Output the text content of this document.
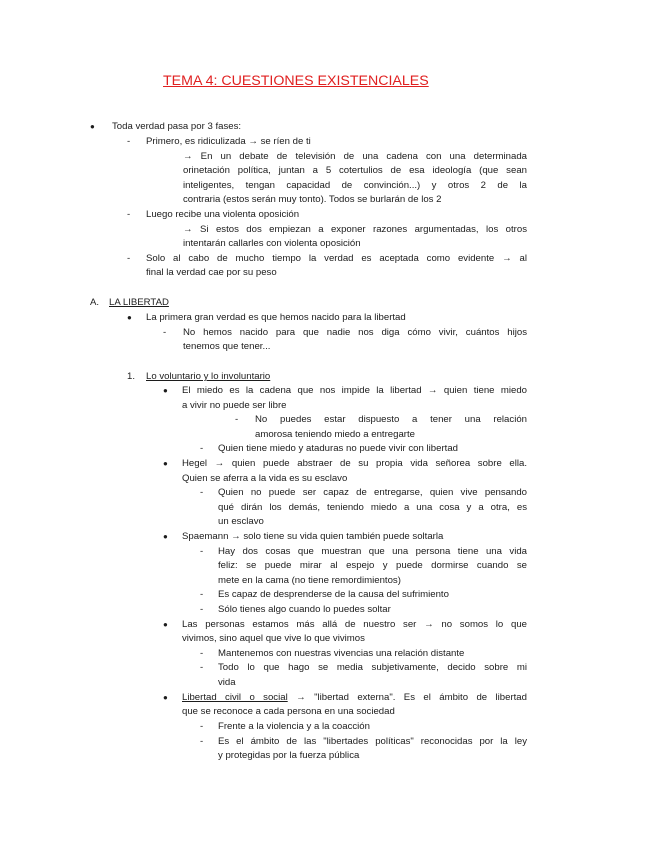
TEMA 4: CUESTIONES EXISTENCIALES
● Toda verdad pasa por 3 fases:
- Primero, es ridiculizada → se ríen de ti
→ En un debate de televisión de una cadena con una determinada
orinetación política, juntan a 5 cotertulios de esa ideología (que sean
inteligentes, tengan capacidad de convinción...) y otros 2 de la
contraria (estos serán muy tonto). Todos se burlarán de los 2
- Luego recibe una violenta oposición
→ Si estos dos empiezan a exponer razones argumentadas, los otros
intentarán callarles con violenta oposición
- Solo al cabo de mucho tiempo la verdad es aceptada como evidente → al
final la verdad cae por su peso
A. LA LIBERTAD
● La primera gran verdad es que hemos nacido para la libertad
- No hemos nacido para que nadie nos diga cómo vivir, cuántos hijos
tenemos que tener...
1. Lo voluntario y lo involuntario
● El miedo es la cadena que nos impide la libertad → quien tiene miedo
a vivir no puede ser libre
- No puedes estar dispuesto a tener una relación
amorosa teniendo miedo a entregarte
- Quien tiene miedo y ataduras no puede vivir con libertad
● Hegel → quien puede abstraer de su propia vida señorea sobre ella.
Quien se aferra a la vida es su esclavo
- Quien no puede ser capaz de entregarse, quien vive pensando
qué dirán los demás, teniendo miedo a una cosa y a otra, es
un esclavo
● Spaemann → solo tiene su vida quien también puede soltarla
- Hay dos cosas que muestran que una persona tiene una vida
feliz: se puede mirar al espejo y puede dormirse cuando se
mete en la cama (no tiene remordimientos)
- Es capaz de desprenderse de la causa del sufrimiento
- Sólo tienes algo cuando lo puedes soltar
● Las personas estamos más allá de nuestro ser → no somos lo que
vivimos, sino aquel que vive lo que vivimos
- Mantenemos con nuestras vivencias una relación distante
- Todo lo que hago se media subjetivamente, decido sobre mi
vida
● Libertad civil o social → "libertad externa". Es el ámbito de libertad
que se reconoce a cada persona en una sociedad
- Frente a la violencia y a la coacción
- Es el ámbito de las "libertades políticas" reconocidas por la ley
y protegidas por la fuerza pública
